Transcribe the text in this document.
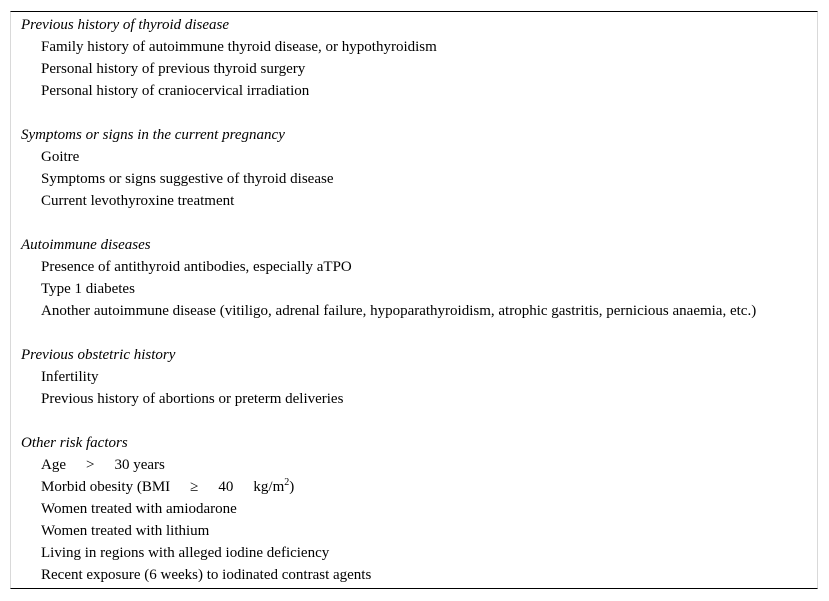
Previous history of thyroid disease
Family history of autoimmune thyroid disease, or hypothyroidism
Personal history of previous thyroid surgery
Personal history of craniocervical irradiation
Symptoms or signs in the current pregnancy
Goitre
Symptoms or signs suggestive of thyroid disease
Current levothyroxine treatment
Autoimmune diseases
Presence of antithyroid antibodies, especially aTPO
Type 1 diabetes
Another autoimmune disease (vitiligo, adrenal failure, hypoparathyroidism, atrophic gastritis, pernicious anaemia, etc.)
Previous obstetric history
Infertility
Previous history of abortions or preterm deliveries
Other risk factors
Age > 30 years
Morbid obesity (BMI ≥ 40 $kg/m^2$)
Women treated with amiodarone
Women treated with lithium
Living in regions with alleged iodine deficiency
Recent exposure (6 weeks) to iodinated contrast agents
